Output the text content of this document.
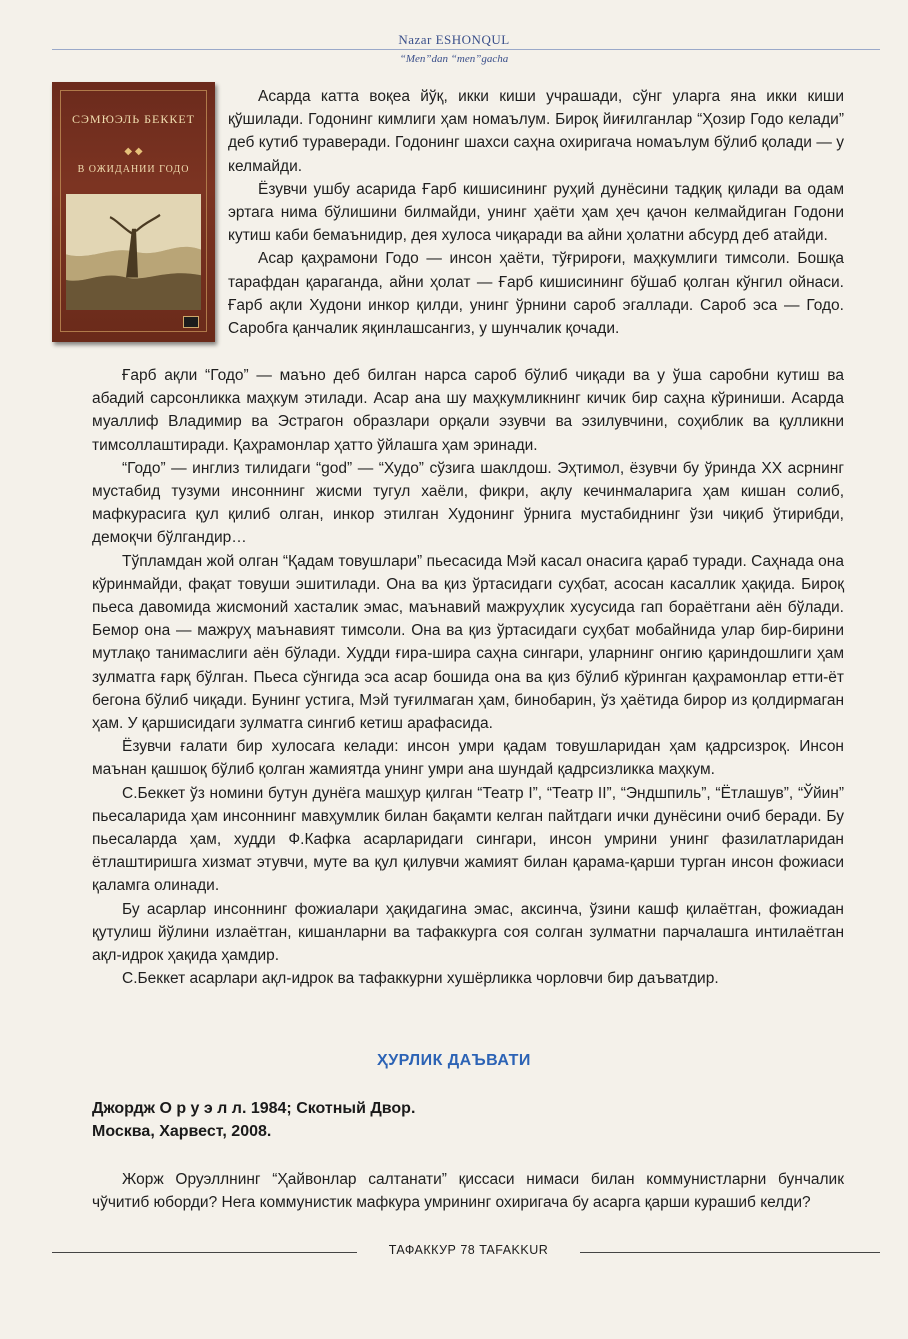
Nazar ESHONQUL
“Men”dan “men”gacha
СЭМЮЭЛЬ БЕККЕТ
◆ ◆
В ОЖИДАНИИ ГОДО

Асарда катта воқеа йўқ, икки киши учрашади, сўнг уларга яна икки киши қўшилади. Годонинг кимлиги ҳам номаълум. Бироқ йиғилганлар “Ҳозир Годо келади” деб кутиб тураверади. Годонинг шахси саҳна охиригача номаълум бўлиб қолади — у келмайди.

Ёзувчи ушбу асарида Ғарб кишисининг руҳий дунёсини тадқиқ қилади ва одам эртага нима бўлишини билмайди, унинг ҳаёти ҳам ҳеч қачон келмайдиган Годони кутиш каби бемаънидир, дея хулоса чиқаради ва айни ҳолатни абсурд деб атайди.

Асар қаҳрамони Годо — инсон ҳаёти, тўғрироғи, маҳкумлиги тимсоли. Бошқа тарафдан қараганда, айни ҳолат — Ғарб кишисининг бўшаб қолган кўнгил ойнаси. Ғарб ақли Худони инкор қилди, унинг ўрнини сароб эгаллади. Сароб эса — Годо. Саробга қанчалик яқинлашсангиз, у шунчалик қочади.

Ғарб ақли “Годо” — маъно деб билган нарса сароб бўлиб чиқади ва у ўша саробни кутиш ва абадий сарсонликка маҳкум этилади. Асар ана шу маҳкумликнинг кичик бир саҳна кўриниши. Асарда муаллиф Владимир ва Эстрагон образлари орқали эзувчи ва эзилувчини, соҳиблик ва қулликни тимсоллаштиради. Қаҳрамонлар ҳатто ўйлашга ҳам эринади.

“Годо” — инглиз тилидаги “god” — “Худо” сўзига шаклдош. Эҳтимол, ёзувчи бу ўринда ХХ асрнинг мустабид тузуми инсоннинг жисми тугул хаёли, фикри, ақлу кечинмаларига ҳам кишан солиб, мафкурасига қул қилиб олган, инкор этилган Худонинг ўрнига мустабиднинг ўзи чиқиб ўтирибди, демоқчи бўлгандир…

Тўпламдан жой олган “Қадам товушлари” пьесасида Мэй касал онасига қараб туради. Саҳнада она кўринмайди, фақат товуши эшитилади. Она ва қиз ўртасидаги суҳбат, асосан касаллик ҳақида. Бироқ пьеса давомида жисмоний хасталик эмас, маънавий мажруҳлик хусусида гап бораётгани аён бўлади. Бемор она — мажруҳ маънавият тимсоли. Она ва қиз ўртасидаги суҳбат мобайнида улар бир-бирини мутлақо танимаслиги аён бўлади. Худди ғира-шира саҳна сингари, уларнинг онгию қариндошлиги ҳам зулматга ғарқ бўлган. Пьеса сўнгида эса асар бошида она ва қиз бўлиб кўринган қаҳрамонлар етти-ёт бегона бўлиб чиқади. Бунинг устига, Мэй туғилмаган ҳам, бинобарин, ўз ҳаётида бирор из қолдирмаган ҳам. У қаршисидаги зулматга сингиб кетиш арафасида.

Ёзувчи ғалати бир хулосага келади: инсон умри қадам товушларидан ҳам қадрсизроқ. Инсон маънан қашшоқ бўлиб қолган жамиятда унинг умри ана шундай қадрсизликка маҳкум.

С.Беккет ўз номини бутун дунёга машҳур қилган “Театр I”, “Театр II”, “Эндшпиль”, “Ётлашув”, “Ўйин” пьесаларида ҳам инсоннинг мавҳумлик билан бақамти келган пайтдаги ички дунёсини очиб беради. Бу пьесаларда ҳам, худди Ф.Кафка асарларидаги сингари, инсон умрини унинг фазилатларидан ётлаштиришга хизмат этувчи, муте ва қул қилувчи жамият билан қарама-қарши турган инсон фожиаси қаламга олинади.

Бу асарлар инсоннинг фожиалари ҳақидагина эмас, аксинча, ўзини кашф қилаётган, фожиадан қутулиш йўлини излаётган, кишанларни ва тафаккурга соя солган зулматни парчалашга интилаётган ақл-идрок ҳақида ҳамдир.

С.Беккет асарлари ақл-идрок ва тафаккурни хушёрликка чорловчи бир даъватдир.

ҲУРЛИК ДАЪВАТИ
Джордж О р у э л л. 1984; Скотный Двор.
Москва, Харвест, 2008.

Жорж Оруэллнинг “Ҳайвонлар салтанати” қиссаси нимаси билан коммунистларни бунчалик чўчитиб юборди? Нега коммунистик мафкура умрининг охиригача бу асарга қарши курашиб келди?

ТАФАККУР 78 TAFAKKUR
